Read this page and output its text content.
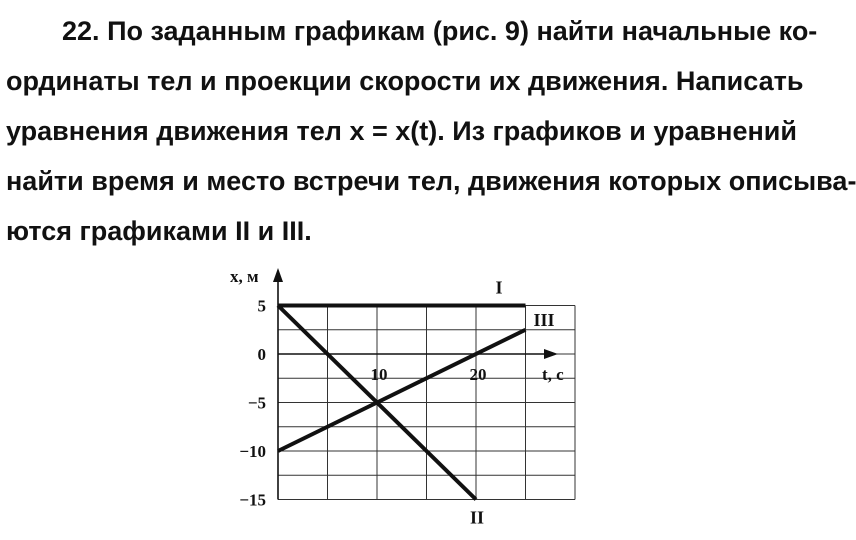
22. По заданным графикам (рис. 9) найти начальные ко-
ординаты тел и проекции скорости их движения. Написать
уравнения движения тел x = x(t). Из графиков и уравнений
найти время и место встречи тел, движения которых описыва-
ются графиками II и III.
x, м
t, c
5
0
−5
−10
−15
10	20
I
II
III
